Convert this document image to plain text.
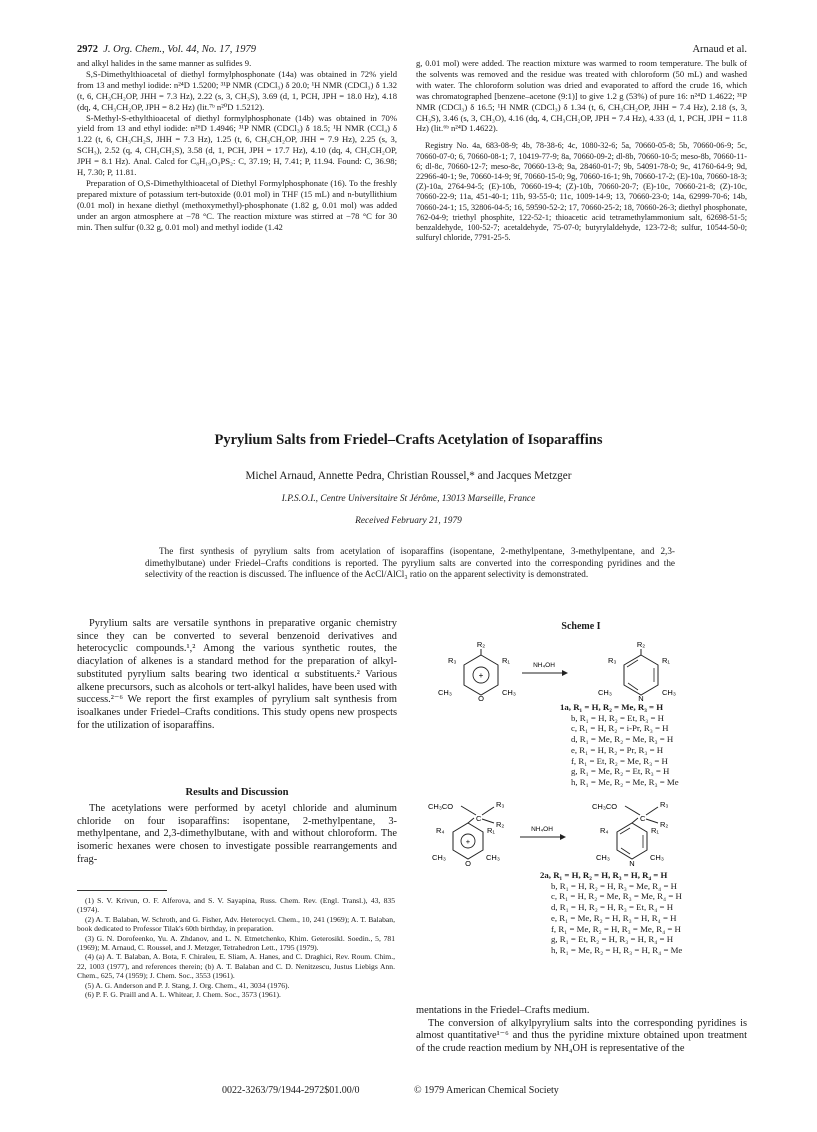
2972 J. Org. Chem., Vol. 44, No. 17, 1979	Arnaud et al.

and alkyl halides in the same manner as sulfides 9.

S,S-Dimethylthioacetal of diethyl formylphosphonate (14a) was obtained in 72% yield from 13 and methyl iodide: n²⁴D 1.5200; ³¹P NMR (CDCl₃) δ 20.0; ¹H NMR (CDCl₃) δ 1.32 (t, 6, CH₃CH₂OP, JHH = 7.3 Hz), 2.22 (s, 3, CH₃S), 3.69 (d, 1, PCH, JPH = 18.0 Hz), 4.18 (dq, 4, CH₃CH₂OP, JPH = 8.2 Hz) (lit.⁷ᵇ n²⁰D 1.5212).

S-Methyl-S-ethylthioacetal of diethyl formylphosphonate (14b) was obtained in 70% yield from 13 and ethyl iodide: n²⁶D 1.4946; ³¹P NMR (CDCl₃) δ 18.5; ¹H NMR (CCl₄) δ 1.22 (t, 6, CH₃CH₂S, JHH = 7.3 Hz), 1.25 (t, 6, CH₃CH₂OP, JHH = 7.9 Hz), 2.25 (s, 3, SCH₃), 2.52 (q, 4, CH₃CH₂S), 3.58 (d, 1, PCH, JPH = 17.7 Hz), 4.10 (dq, 4, CH₃CH₂OP, JPH = 8.1 Hz). Anal. Calcd for C₈H₁₉O₃PS₂: C, 37.19; H, 7.41; P, 11.94. Found: C, 36.98; H, 7.30; P, 11.81.

Preparation of O,S-Dimethylthioacetal of Diethyl Formylphosphonate (16). To the freshly prepared mixture of potassium tert-butoxide (0.01 mol) in THF (15 mL) and n-butyllithium (0.01 mol) in hexane diethyl (methoxymethyl)-phosphonate (1.82 g, 0.01 mol) was added under an argon atmosphere at −78 °C. The reaction mixture was stirred at −78 °C for 30 min. Then sulfur (0.32 g, 0.01 mol) and methyl iodide (1.42

g, 0.01 mol) were added. The reaction mixture was warmed to room temperature. The bulk of the solvents was removed and the residue was treated with chloroform (50 mL) and washed with water. The chloroform solution was dried and evaporated to afford the crude 16, which was chromatographed [benzene–acetone (9:1)] to give 1.2 g (53%) of pure 16: n²⁴D 1.4622; ³¹P NMR (CDCl₃) δ 16.5; ¹H NMR (CDCl₃) δ 1.34 (t, 6, CH₃CH₂OP, JHH = 7.4 Hz), 2.18 (s, 3, CH₃S), 3.46 (s, 3, CH₃O), 4.16 (dq, 4, CH₃CH₂OP, JPH = 7.4 Hz), 4.33 (d, 1, PCH, JPH = 11.8 Hz) (lit.⁶ᵇ n²⁴D 1.4622).

Registry No. 4a, 683-08-9; 4b, 78-38-6; 4c, 1080-32-6; 5a, 70660-05-8; 5b, 70660-06-9; 5c, 70660-07-0; 6, 70660-08-1; 7, 10419-77-9; 8a, 70660-09-2; dl-8b, 70660-10-5; meso-8b, 70660-11-6; dl-8c, 70660-12-7; meso-8c, 70660-13-8; 9a, 28460-01-7; 9b, 54091-78-0; 9c, 41760-64-9; 9d, 22966-40-1; 9e, 70660-14-9; 9f, 70660-15-0; 9g, 70660-16-1; 9h, 70660-17-2; (E)-10a, 70660-18-3; (Z)-10a, 2764-94-5; (E)-10b, 70660-19-4; (Z)-10b, 70660-20-7; (E)-10c, 70660-21-8; (Z)-10c, 70660-22-9; 11a, 451-40-1; 11b, 93-55-0; 11c, 1009-14-9; 13, 70660-23-0; 14a, 62999-70-6; 14b, 70660-24-1; 15, 32806-04-5; 16, 59590-52-2; 17, 70660-25-2; 18, 70660-26-3; diethyl phosphonate, 762-04-9; triethyl phosphite, 122-52-1; thioacetic acid tetramethylammonium salt, 62698-51-5; benzaldehyde, 100-52-7; acetaldehyde, 75-07-0; butyrylaldehyde, 123-72-8; sulfur, 10544-50-0; sulfuryl chloride, 7791-25-5.

Pyrylium Salts from Friedel–Crafts Acetylation of Isoparaffins
Michel Arnaud, Annette Pedra, Christian Roussel,* and Jacques Metzger
I.P.S.O.I., Centre Universitaire St Jérôme, 13013 Marseille, France
Received February 21, 1979
The first synthesis of pyrylium salts from acetylation of isoparaffins (isopentane, 2-methylpentane, 3-methylpentane, and 2,3-dimethylbutane) under Friedel–Crafts conditions is reported. The pyrylium salts are converted into the corresponding pyridines and the selectivity of the reaction is discussed. The influence of the AcCl/AlCl₃ ratio on the apparent selectivity is demonstrated.

Pyrylium salts are versatile synthons in preparative organic chemistry since they can be converted to several benzenoid derivatives and heterocyclic compounds.¹,² Among the various synthetic routes, the diacylation of alkenes is a standard method for the preparation of alkyl-substituted pyrylium salts bearing two identical α substituents.² Various alkene precursors, such as alcohols or tert-alkyl halides, have been used with success.²⁻⁶ We report the first examples of pyrylium salt synthesis from isoalkanes under Friedel–Crafts conditions. This study opens new prospects for the utilization of isoparaffins.

Results and Discussion

The acetylations were performed by acetyl chloride and aluminum chloride on four isoparaffins: isopentane, 2-methylpentane, 3-methylpentane, and 2,3-dimethylbutane, with and without chloroform. The isomeric hexanes were chosen to investigate possible rearrangements and frag-

(1) S. V. Krivun, O. F. Alferova, and S. V. Sayapina, Russ. Chem. Rev. (Engl. Transl.), 43, 835 (1974).
(2) A. T. Balaban, W. Schroth, and G. Fisher, Adv. Heterocycl. Chem., 10, 241 (1969); A. T. Balaban, book dedicated to Professor Tilak's 60th birthday, in preparation.
(3) G. N. Dorofeenko, Yu. A. Zhdanov, and L. N. Etmetchenko, Khim. Geterosikl. Soedin., 5, 781 (1969); M. Arnaud, C. Roussel, and J. Metzger, Tetrahedron Lett., 1795 (1979).
(4) (a) A. T. Balaban, A. Bota, F. Chiraleu, E. Sliam, A. Hanes, and C. Draghici, Rev. Roum. Chim., 22, 1003 (1977), and references therein; (b) A. T. Balaban and C. D. Nenitzescu, Justus Liebigs Ann. Chem., 625, 74 (1959); J. Chem. Soc., 3553 (1961).
(5) A. G. Anderson and P. J. Stang, J. Org. Chem., 41, 3034 (1976).
(6) P. F. G. Praill and A. L. Whitear, J. Chem. Soc., 3573 (1961).
Scheme I
+
R₂
R₁
R₃
O
CH₃	CH₃
NH₄OH
R₂
R₁
R₃
N
CH₃	CH₃
1a, R₁ = H, R₂ = Me, R₃ = H
b, R₁ = H, R₂ = Et, R₃ = H
c, R₁ = H, R₂ = i-Pr, R₃ = H
d, R₁ = Me, R₂ = Me, R₃ = H
e, R₁ = H, R₂ = Pr, R₃ = H
f, R₁ = Et, R₂ = Me, R₃ = H
g, R₁ = Me, R₂ = Et, R₃ = H
h, R₁ = Me, R₂ = Me, R₃ = Me
CH₃CO
C
R₃
R₂
+
R₁
R₄
O
CH₃	CH₃
NH₄OH
CH₃CO
C
R₃
R₂
R₁
R₄
N
CH₃	CH₃
2a, R₁ = H, R₂ = H, R₃ = H, R₄ = H
b, R₁ = H, R₂ = H, R₃ = Me, R₄ = H
c, R₁ = H, R₂ = Me, R₃ = Me, R₄ = H
d, R₁ = H, R₂ = H, R₃ = Et, R₄ = H
e, R₁ = Me, R₂ = H, R₃ = H, R₄ = H
f, R₁ = Me, R₂ = H, R₃ = Me, R₄ = H
g, R₁ = Et, R₂ = H, R₃ = H, R₄ = H
h, R₁ = Me, R₂ = H, R₃ = H, R₄ = Me

mentations in the Friedel–Crafts medium.

The conversion of alkylpyrylium salts into the corresponding pyridines is almost quantitative¹⁻⁶ and thus the pyridine mixture obtained upon treatment of the crude reaction medium by NH₄OH is representative of the

0022-3263/79/1944-2972$01.00/0	© 1979 American Chemical Society
